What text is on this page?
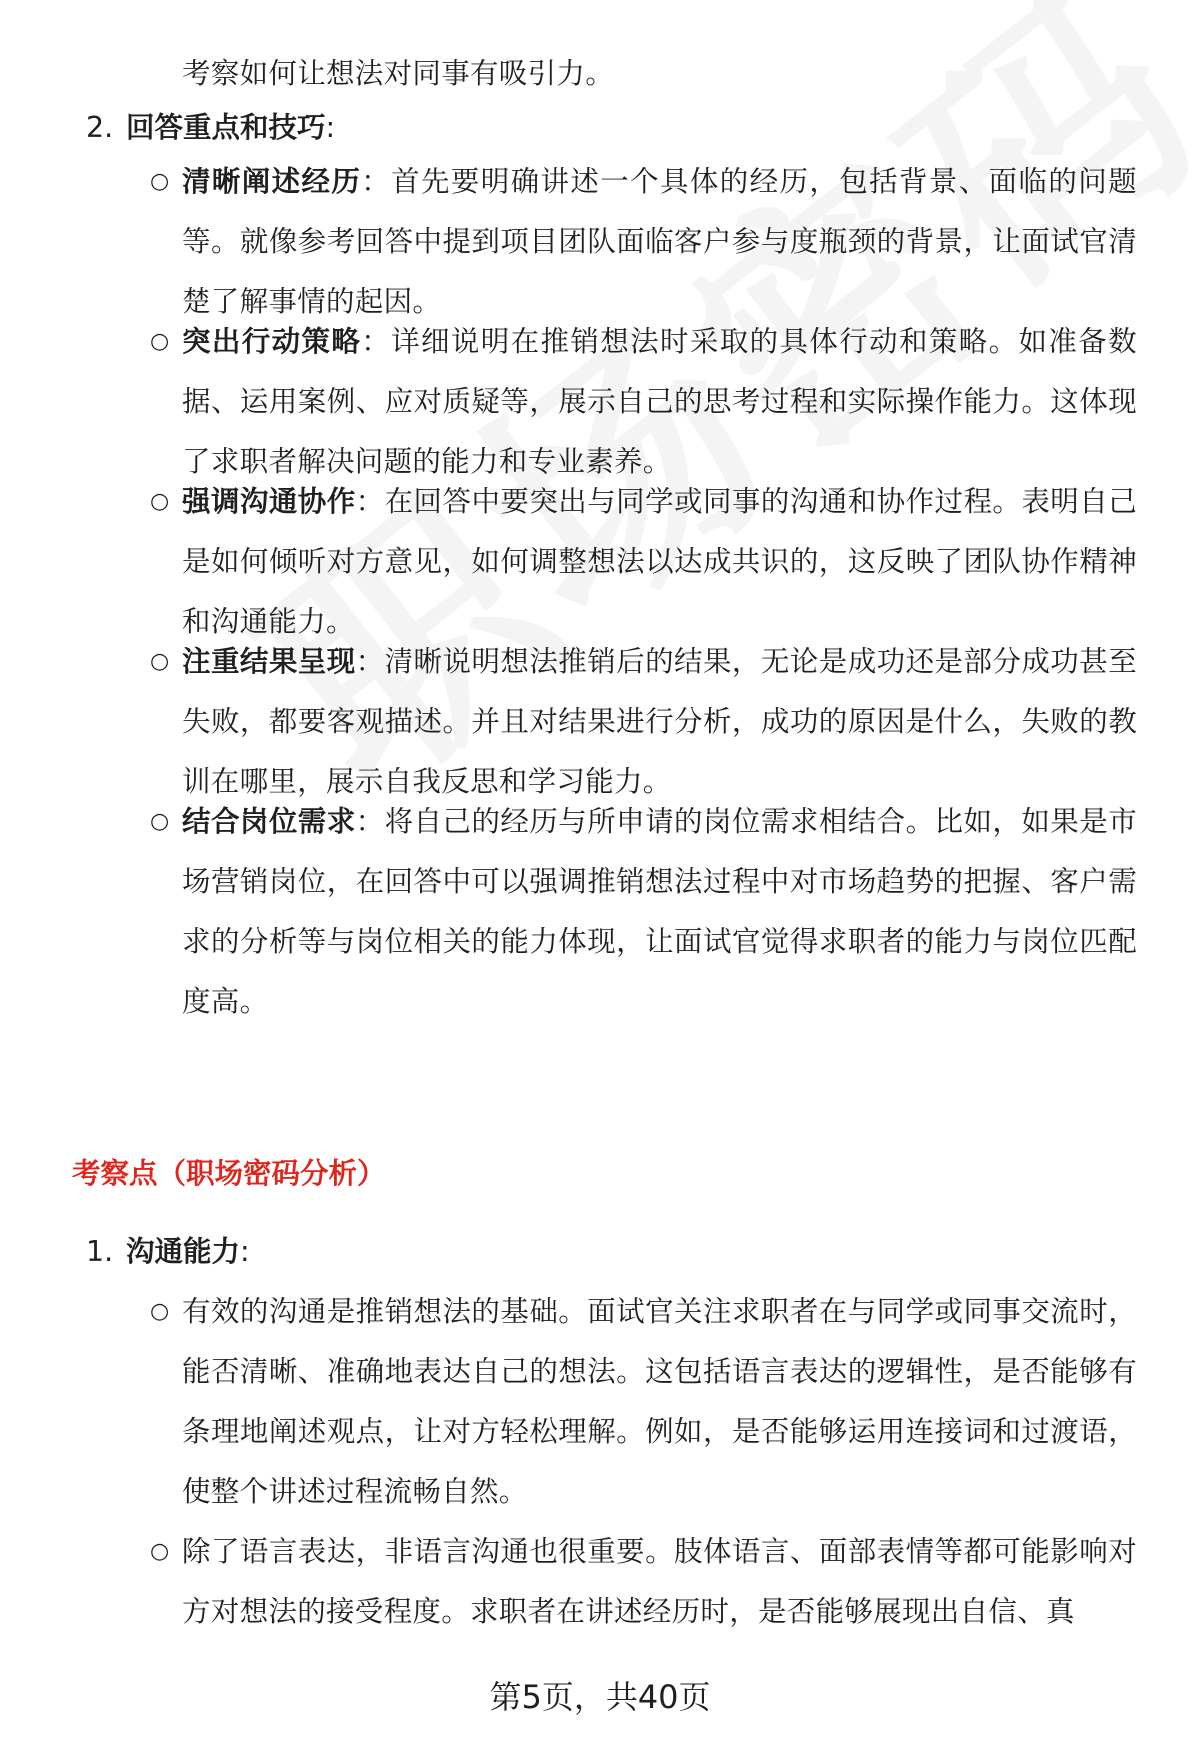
考察如何让想法对同事有吸引力。
2. 回答重点和技巧:
○ 清晰阐述经历：首先要明确讲述一个具体的经历，包括背景、面临的问题等。就像参考回答中提到项目团队面临客户参与度瓶颈的背景，让面试官清楚了解事情的起因。
○ 突出行动策略：详细说明在推销想法时采取的具体行动和策略。如准备数据、运用案例、应对质疑等，展示自己的思考过程和实际操作能力。这体现了求职者解决问题的能力和专业素养。
○ 强调沟通协作：在回答中要突出与同学或同事的沟通和协作过程。表明自己是如何倾听对方意见，如何调整想法以达成共识的，这反映了团队协作精神和沟通能力。
○ 注重结果呈现：清晰说明想法推销后的结果，无论是成功还是部分成功甚至失败，都要客观描述。并且对结果进行分析，成功的原因是什么，失败的教训在哪里，展示自我反思和学习能力。
○ 结合岗位需求：将自己的经历与所申请的岗位需求相结合。比如，如果是市场营销岗位，在回答中可以强调推销想法过程中对市场趋势的把握、客户需求的分析等与岗位相关的能力体现，让面试官觉得求职者的能力与岗位匹配度高。
考察点（职场密码分析）
1. 沟通能力:
○ 有效的沟通是推销想法的基础。面试官关注求职者在与同学或同事交流时，能否清晰、准确地表达自己的想法。这包括语言表达的逻辑性，是否能够有条理地阐述观点，让对方轻松理解。例如，是否能够运用连接词和过渡语，使整个讲述过程流畅自然。
○ 除了语言表达，非语言沟通也很重要。肢体语言、面部表情等都可能影响对方对想法的接受程度。求职者在讲述经历时，是否能够展现出自信、真
第5页，共40页
